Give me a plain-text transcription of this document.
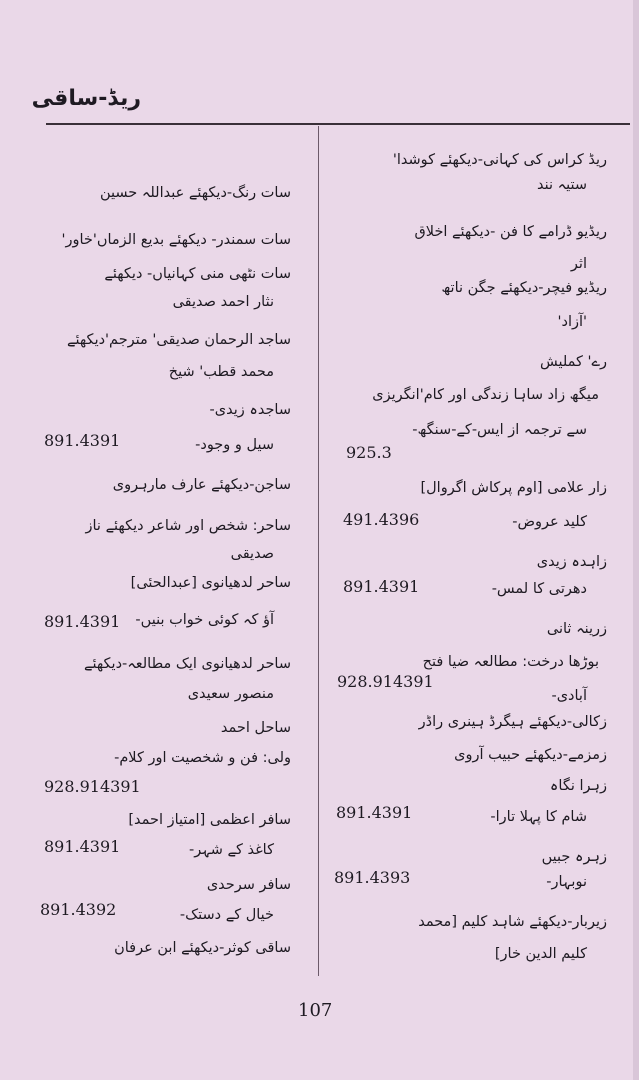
ریڈ-ساقی
ریڈ کراس کی کہانی-دیکھئے کوشدا'
ستیہ نند
ریڈیو ڈرامے کا فن -دیکھئے اخلاق
اثر
ریڈیو فیچر-دیکھئے جگن ناتھ
'آزاد'
رے' کملیش
میگھ زاد ساہا زندگی اور کام'انگریزی
سے ترجمہ از ایس-کے-سنگھ-
زار علامی [اوم پرکاش اگروال]
کلید عروض-
زاہدہ زیدی
دھرتی کا لمس-
زرینہ ثانی
بوڑھا درخت: مطالعہ ضیا فتح
آبادی-
زکالی-دیکھئے ہیگرڈ ہینری راڈر
زمزمے-دیکھئے حبیب آروی
زہرا نگاہ
شام کا پہلا تارا-
زہرہ جبیں
نوبہار-
زیربار-دیکھئے شاہد کلیم [محمد
کلیم الدین خار]
925.3
491.4396
891.4391
928.914391
891.4391
891.4393
سات رنگ-دیکھئے عبداللہ حسین
سات سمندر- دیکھئے بدیع الزماں'خاور'
سات نٹھی منی کہانیاں- دیکھئے
نثار احمد صدیقی
ساجد الرحمان صدیقی' مترجم'دیکھئے
محمد قطب' شیخ
ساجدہ زیدی-
سیل و وجود-
ساجن-دیکھئے عارف مارہروی
ساحر: شخص اور شاعر دیکھئے ناز
صدیقی
ساحر لدھیانوی [عبدالحئی]
آؤ کہ کوئی خواب بنیں-
ساحر لدھیانوی ایک مطالعہ-دیکھئے
منصور سعیدی
ساحل احمد
ولی: فن و شخصیت اور کلام-
سافر اعظمی [امتیاز احمد]
کاغذ کے شہر-
سافر سرحدی
خیال کے دستک-
ساقی کوثر-دیکھئے ابن عرفان
891.4391
891.4391
928.914391
891.4391
891.4392
107
